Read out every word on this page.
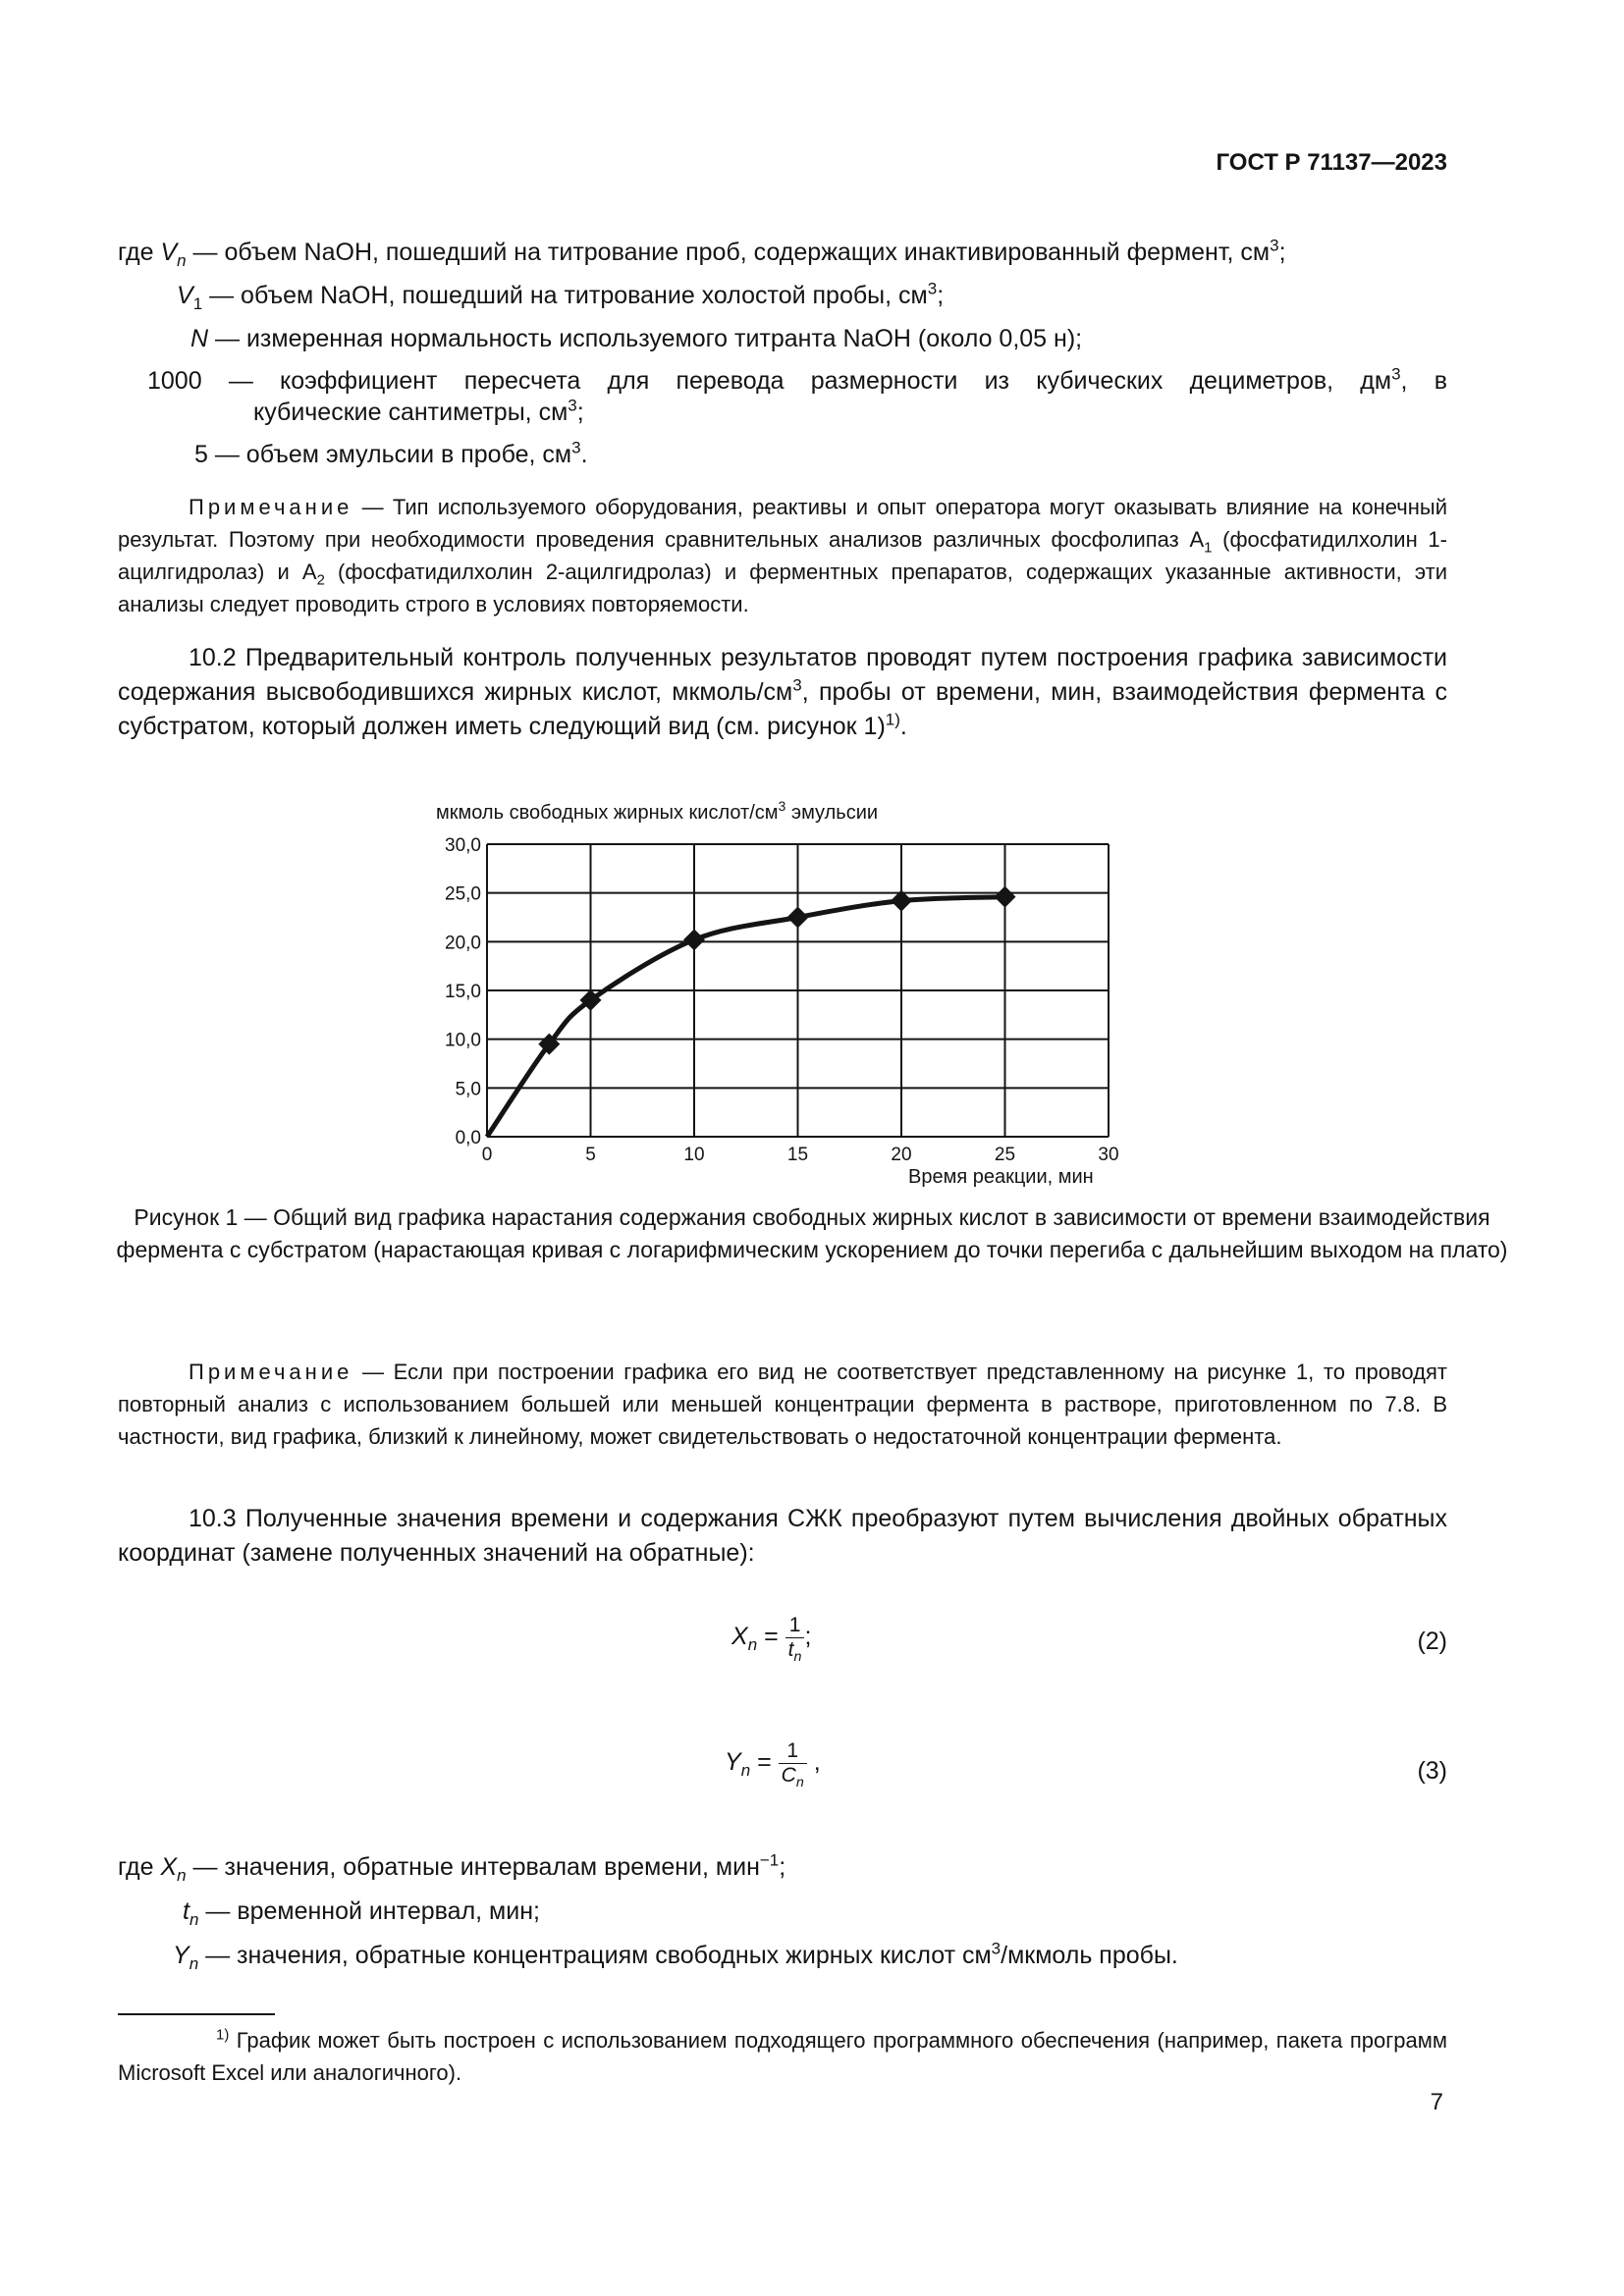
ГОСТ Р 71137—2023
где $V_n$ — объем NaOH, пошедший на титрование проб, содержащих инактивированный фермент, $см^3$;
$V_1$ — объем NaOH, пошедший на титрование холостой пробы, $см^3$;
N — измеренная нормальность используемого титранта NaOH (около 0,05 н);
1000 — коэффициент пересчета для перевода размерности из кубических дециметров, $дм^3$, в
кубические сантиметры, $см^3$;
5 — объем эмульсии в пробе, $см^3$.
Примечание — Тип используемого оборудования, реактивы и опыт оператора могут оказывать влияние на конечный результат. Поэтому при необходимости проведения сравнительных анализов различных фосфолипаз $A_1$ (фосфатидилхолин 1-ацилгидролаз) и $A_2$ (фосфатидилхолин 2-ацилгидролаз) и ферментных препаратов, содержащих указанные активности, эти анализы следует проводить строго в условиях повторяемости.
10.2 Предварительный контроль полученных результатов проводят путем построения графика зависимости содержания высвободившихся жирных кислот, мкмоль/$см^3$, пробы от времени, мин, взаимодействия фермента с субстратом, который должен иметь следующий вид (см. рисунок 1)$^{1)}$.
мкмоль свободных жирных кислот/$см^3$ эмульсии
0,0
5,0
10,0
15,0
20,0
25,0
30,0
0	5	10	15	20	25	30
Время реакции, мин
Рисунок 1 — Общий вид графика нарастания содержания свободных жирных кислот в зависимости от времени взаимодействия фермента с субстратом (нарастающая кривая с логарифмическим ускорением до точки перегиба с дальнейшим выходом на плато)
Примечание — Если при построении графика его вид не соответствует представленному на рисунке 1, то проводят повторный анализ с использованием большей или меньшей концентрации фермента в растворе, приготовленном по 7.8. В частности, вид графика, близкий к линейному, может свидетельствовать о недостаточной концентрации фермента.
10.3 Полученные значения времени и содержания СЖК преобразуют путем вычисления двойных обратных координат (замене полученных значений на обратные):
$X_n = \frac{1}{t_n}$ ;	(2)
$Y_n = \frac{1}{C_n}$ ,	(3)
где $X_n$ — значения, обратные интервалам времени, мин$^{-1}$;
$t_n$ — временной интервал, мин;
$Y_n$ — значения, обратные концентрациям свободных жирных кислот $см^3$/мкмоль пробы.
$^{1)}$ График может быть построен с использованием подходящего программного обеспечения (например, пакета программ Microsoft Excel или аналогичного).
7
